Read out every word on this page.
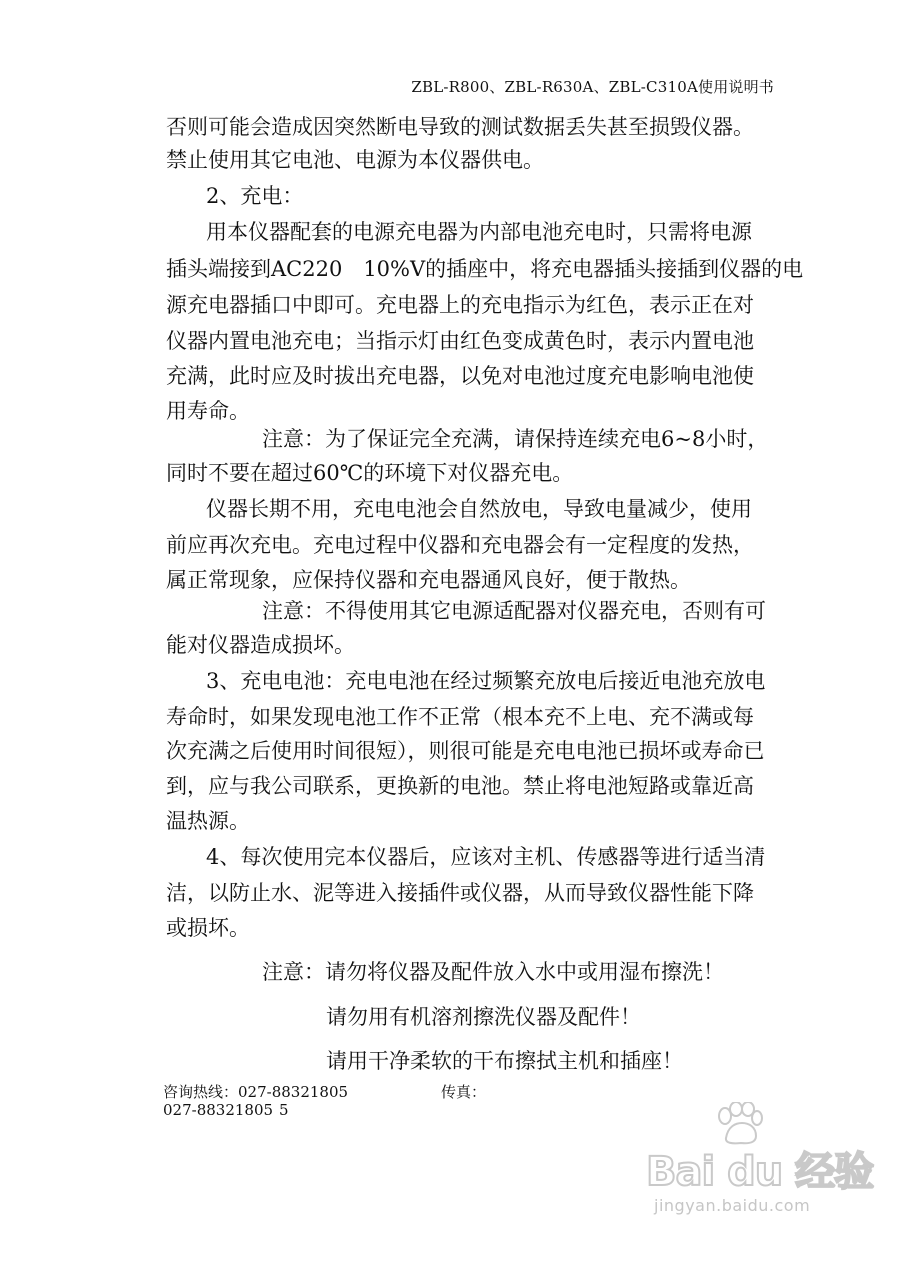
ZBL-R800、ZBL-R630A、ZBL-C310A使用说明书
否则可能会造成因突然断电导致的测试数据丢失甚至损毁仪器。
禁止使用其它电池、电源为本仪器供电。
2、充电：
用本仪器配套的电源充电器为内部电池充电时，只需将电源
插头端接到AC220　10%V的插座中，将充电器插头接插到仪器的电
源充电器插口中即可。充电器上的充电指示为红色，表示正在对
仪器内置电池充电；当指示灯由红色变成黄色时，表示内置电池
充满，此时应及时拔出充电器，以免对电池过度充电影响电池使
用寿命。
注意：为了保证完全充满，请保持连续充电6~8小时，
同时不要在超过60℃的环境下对仪器充电。
仪器长期不用，充电电池会自然放电，导致电量减少，使用
前应再次充电。充电过程中仪器和充电器会有一定程度的发热，
属正常现象，应保持仪器和充电器通风良好，便于散热。
注意：不得使用其它电源适配器对仪器充电，否则有可
能对仪器造成损坏。
3、充电电池：充电电池在经过频繁充放电后接近电池充放电
寿命时，如果发现电池工作不正常（根本充不上电、充不满或每
次充满之后使用时间很短），则很可能是充电电池已损坏或寿命已
到，应与我公司联系，更换新的电池。禁止将电池短路或靠近高
温热源。
4、每次使用完本仪器后，应该对主机、传感器等进行适当清
洁，以防止水、泥等进入接插件或仪器，从而导致仪器性能下降
或损坏。
注意：请勿将仪器及配件放入水中或用湿布擦洗！
请勿用有机溶剂擦洗仪器及配件！
请用干净柔软的干布擦拭主机和插座！
咨询热线：027-88321805	传真：
027-88321805 5
Bai du 经验
jingyan.baidu.com
